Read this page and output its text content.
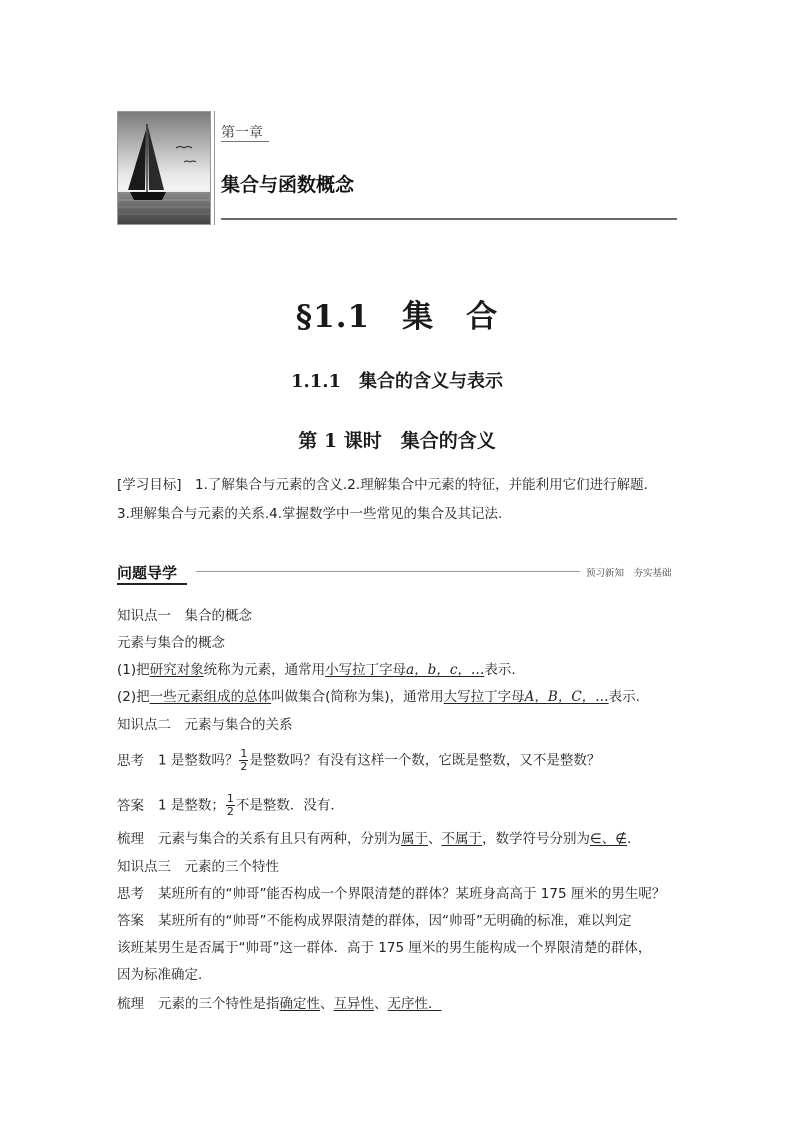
第一章
集合与函数概念
§1.1　集　合
1.1.1　集合的含义与表示
第 1 课时　集合的含义
[学习目标]　1.了解集合与元素的含义.2.理解集合中元素的特征，并能利用它们进行解题.
3.理解集合与元素的关系.4.掌握数学中一些常见的集合及其记法.
问题导学	预习新知　夯实基础
知识点一　集合的概念
元素与集合的概念
(1)把研究对象统称为元素，通常用小写拉丁字母a，b，c，…表示.
(2)把一些元素组成的总体叫做集合(简称为集)，通常用大写拉丁字母A，B，C，…表示.
知识点二　元素与集合的关系
思考 1 是整数吗？ $\frac{1}{2}$ 是整数吗？有没有这样一个数，它既是整数，又不是整数？
答案 1 是整数； $\frac{1}{2}$ 不是整数．没有．
梳理 元素与集合的关系有且只有两种，分别为属于、不属于，数学符号分别为∈、∉.
知识点三　元素的三个特性
思考 某班所有的“帅哥”能否构成一个界限清楚的群体？某班身高高于 175 厘米的男生呢？
答案 某班所有的“帅哥”不能构成界限清楚的群体，因“帅哥”无明确的标准，难以判定
该班某男生是否属于“帅哥”这一群体．高于 175 厘米的男生能构成一个界限清楚的群体，
因为标准确定．
梳理 元素的三个特性是指确定性、互异性、无序性．
